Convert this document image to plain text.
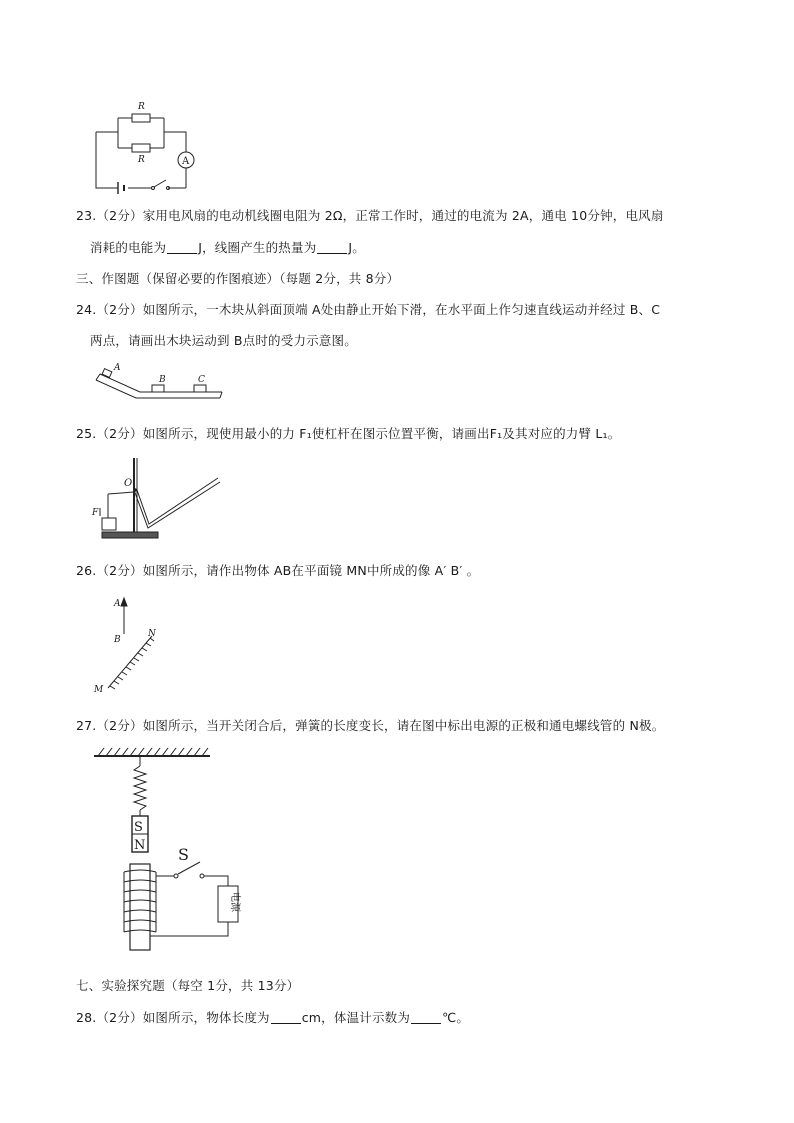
R
R	A
23.（2分）家用电风扇的电动机线圈电阻为 2Ω，正常工作时，通过的电流为 2A，通电 10分钟，电风扇
消耗的电能为	J，线圈产生的热量为	J。
三、作图题（保留必要的作图痕迹）（每题 2分，共 8分）
24.（2分）如图所示，一木块从斜面顶端 A处由静止开始下滑，在水平面上作匀速直线运动并经过 B、C
两点，请画出木块运动到 B点时的受力示意图。
A
B	C
25.（2分）如图所示，现使用最小的力 F₁使杠杆在图示位置平衡，请画出F₁及其对应的力臂 L₁。
O
F
26.（2分）如图所示，请作出物体 AB在平面镜 MN中所成的像 A′ B′ 。
A
B
M
N
27.（2分）如图所示，当开关闭合后，弹簧的长度变长，请在图中标出电源的正极和通电螺线管的 N极。
S
N S
电源
七、实验探究题（每空 1分，共 13分）
28.（2分）如图所示，物体长度为	cm，体温计示数为	℃。
